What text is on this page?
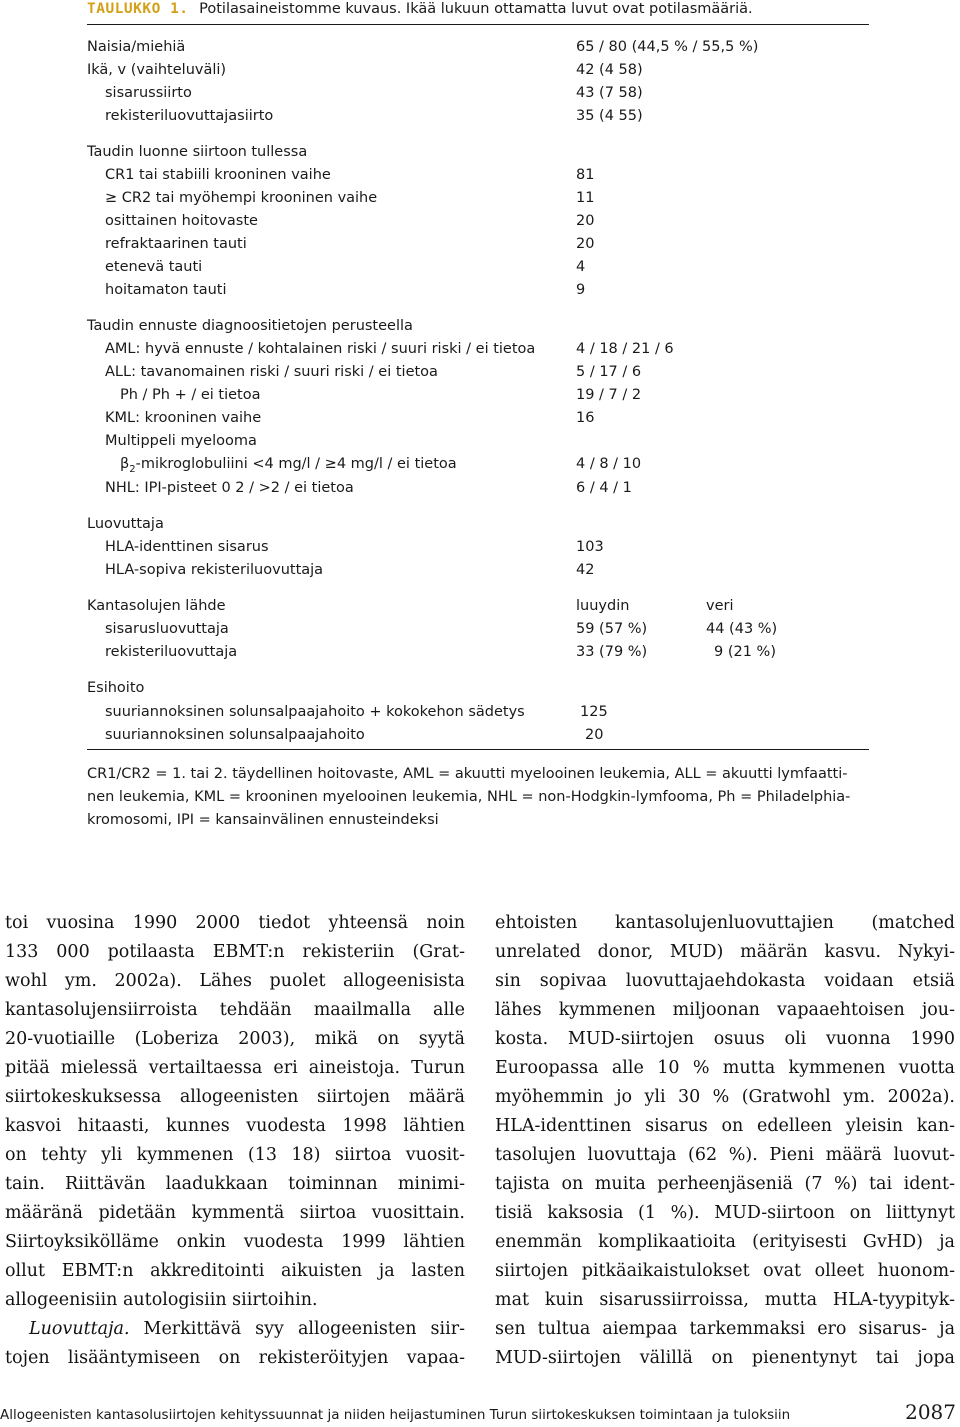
TAULUKKO 1. Potilasaineistomme kuvaus. Ikää lukuun ottamatta luvut ovat potilasmääriä.
Naisia/miehiä	65 / 80 (44,5 % / 55,5 %)
Ikä, v (vaihteluväli)	42 (4 58)
sisarussiirto	43 (7 58)
rekisteriluovuttajasiirto	35 (4 55)
Taudin luonne siirtoon tullessa
CR1 tai stabiili krooninen vaihe	81
≥ CR2 tai myöhempi krooninen vaihe	11
osittainen hoitovaste	20
refraktaarinen tauti	20
etenevä tauti	4
hoitamaton tauti	9
Taudin ennuste diagnoositietojen perusteella
AML: hyvä ennuste / kohtalainen riski / suuri riski / ei tietoa	4 / 18 / 21 / 6
ALL: tavanomainen riski / suuri riski / ei tietoa	5 / 17 / 6
Ph / Ph + / ei tietoa	19 / 7 / 2
KML: krooninen vaihe	16
Multippeli myelooma
$\beta_2$-mikroglobuliini <4 mg/l / ≥4 mg/l / ei tietoa	4 / 8 / 10
NHL: IPI-pisteet 0 2 / >2 / ei tietoa	6 / 4 / 1
Luovuttaja
HLA-identtinen sisarus	103
HLA-sopiva rekisteriluovuttaja	42
Kantasolujen lähde	luuydin	veri
sisarusluovuttaja	59 (57 %)	44 (43 %)
rekisteriluovuttaja	33 (79 %)	9 (21 %)
Esihoito
suuriannoksinen solunsalpaajahoito + kokokehon sädetys	125
suuriannoksinen solunsalpaajahoito	20
CR1/CR2 = 1. tai 2. täydellinen hoitovaste, AML = akuutti myelooinen leukemia, ALL = akuutti lymfaatti-
nen leukemia, KML = krooninen myelooinen leukemia, NHL = non-Hodgkin-lymfooma, Ph = Philadelphia-
kromosomi, IPI = kansainvälinen ennusteindeksi
toi vuosina 1990 2000 tiedot yhteensä noin
133 000 potilaasta EBMT:n rekisteriin (Grat-
wohl ym. 2002a). Lähes puolet allogeenisista
kantasolujensiirroista tehdään maailmalla alle
20-vuotiaille (Loberiza 2003), mikä on syytä
pitää mielessä vertailtaessa eri aineistoja. Turun
siirtokeskuksessa allogeenisten siirtojen määrä
kasvoi hitaasti, kunnes vuodesta 1998 lähtien
on tehty yli kymmenen (13 18) siirtoa vuosit-
tain. Riittävän laadukkaan toiminnan minimi-
määränä pidetään kymmentä siirtoa vuosittain.
Siirtoyksikölläme onkin vuodesta 1999 lähtien
ollut EBMT:n akkreditointi aikuisten ja lasten
allogeenisiin autologisiin siirtoihin.
Luovuttaja. Merkittävä syy allogeenisten siir-
tojen lisääntymiseen on rekisteröityjen vapaa-
ehtoisten kantasolujenluovuttajien (matched
unrelated donor, MUD) määrän kasvu. Nykyi-
sin sopivaa luovuttajaehdokasta voidaan etsiä
lähes kymmenen miljoonan vapaaehtoisen jou-
kosta. MUD-siirtojen osuus oli vuonna 1990
Euroopassa alle 10 % mutta kymmenen vuotta
myöhemmin jo yli 30 % (Gratwohl ym. 2002a).
HLA-identtinen sisarus on edelleen yleisin kan-
tasolujen luovuttaja (62 %). Pieni määrä luovut-
tajista on muita perheenjäseniä (7 %) tai ident-
tisiä kaksosia (1 %). MUD-siirtoon on liittynyt
enemmän komplikaatioita (erityisesti GvHD) ja
siirtojen pitkäaikaistulokset ovat olleet huonom-
mat kuin sisarussiirroissa, mutta HLA-tyypityk-
sen tultua aiempaa tarkemmaksi ero sisarus- ja
MUD-siirtojen välillä on pienentynyt tai jopa
Allogeenisten kantasolusiirtojen kehityssuunnat ja niiden heijastuminen Turun siirtokeskuksen toimintaan ja tuloksiin	2087
